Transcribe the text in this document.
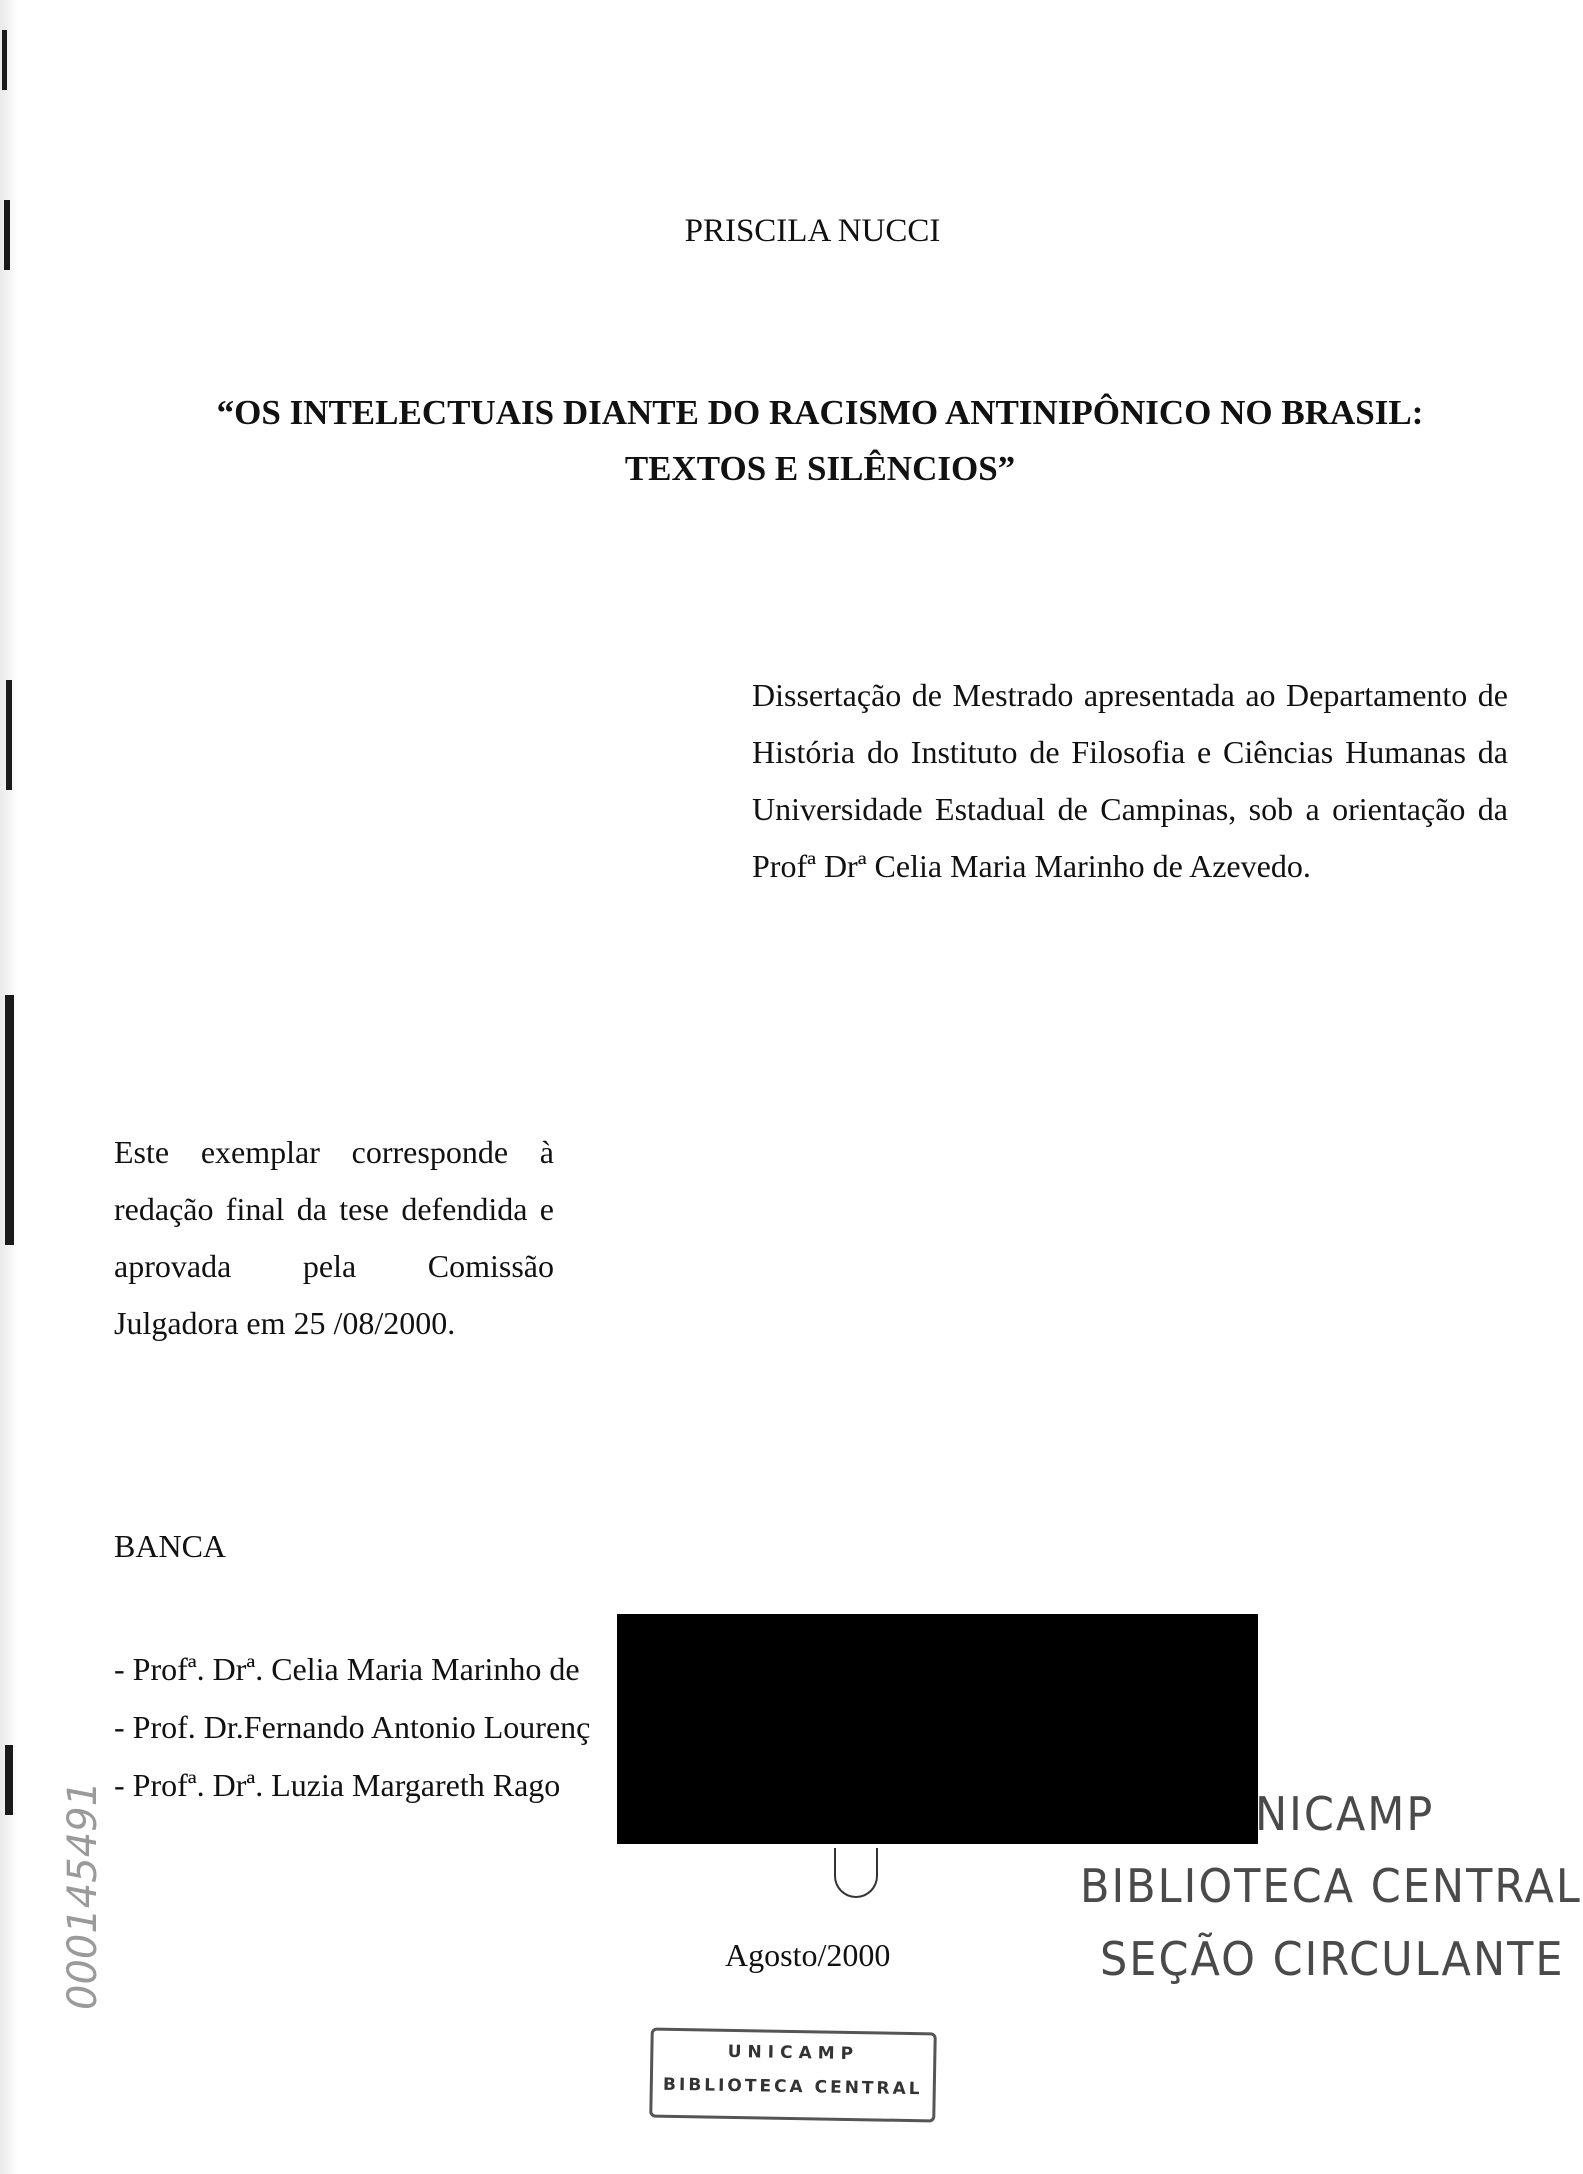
PRISCILA NUCCI
“OS INTELECTUAIS DIANTE DO RACISMO ANTINIPÔNICO NO BRASIL:
TEXTOS E SILÊNCIOS”
Dissertação de Mestrado apresentada ao Departamento de História do Instituto de Filosofia e Ciências Humanas da Universidade Estadual de Campinas, sob a orientação da Profª Drª Celia Maria Marinho de Azevedo.
Este exemplar corresponde à redação final da tese defendida e aprovada pela Comissão Julgadora em 25 /08/2000.
BANCA
- Profª. Drª. Celia Maria Marinho de
- Prof. Dr.Fernando Antonio Lourenç
- Profª. Drª. Luzia Margareth Rago
NICAMP
BIBLIOTECA CENTRAL
SEÇÃO CIRCULANTE
Agosto/2000
UNICAMP
BIBLIOTECA CENTRAL
000145491
